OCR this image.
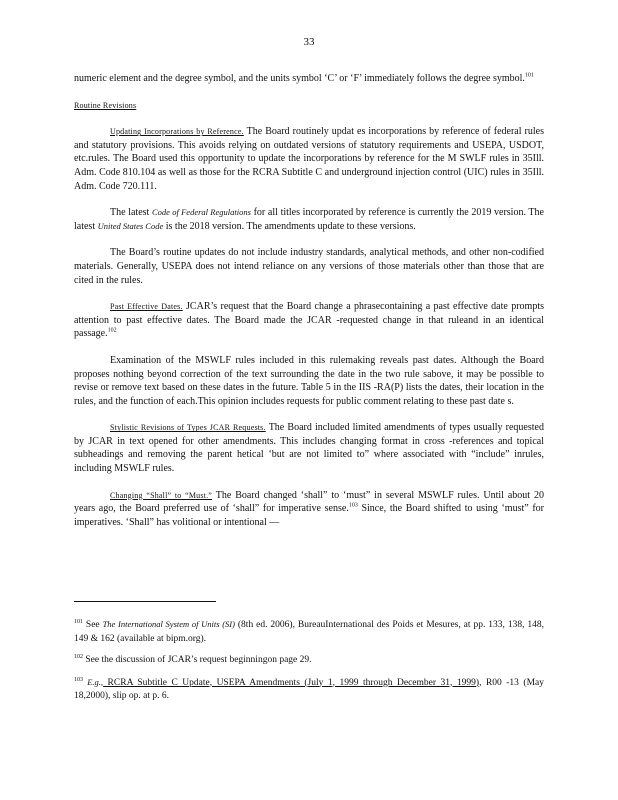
33

numeric element and the degree symbol, and the units symbol ‘C’ or ‘F’ immediately follows the degree symbol.$^{101}$

Routine Revisions

Updating Incorporations by Reference. The Board routinely updat es incorporations by reference of federal rules and statutory provisions. This avoids relying on outdated versions of statutory requirements and USEPA, USDOT, etc.rules. The Board used this opportunity to update the incorporations by reference for the M SWLF rules in 35Ill. Adm. Code 810.104 as well as those for the RCRA Subtitle C and underground injection control (UIC) rules in 35Ill. Adm. Code 720.111.

The latest Code of Federal Regulations for all titles incorporated by reference is currently the 2019 version. The latest United States Code is the 2018 version. The amendments update to these versions.

The Board’s routine updates do not include industry standards, analytical methods, and other non-codified materials. Generally, USEPA does not intend reliance on any versions of those materials other than those that are cited in the rules.

Past Effective Dates. JCAR’s request that the Board change a phrasecontaining a past effective date prompts attention to past effective dates. The Board made the JCAR -requested change in that ruleand in an identical passage.$^{102}$

Examination of the MSWLF rules included in this rulemaking reveals past dates. Although the Board proposes nothing beyond correction of the text surrounding the date in the two rule sabove, it may be possible to revise or remove text based on these dates in the future. Table 5 in the IIS -RA(P) lists the dates, their location in the rules, and the function of each.This opinion includes requests for public comment relating to these past date s.

Stylistic Revisions of Types JCAR Requests. The Board included limited amendments of types usually requested by JCAR in text opened for other amendments. This includes changing format in cross -references and topical subheadings and removing the parent hetical ‘but are not limited to” where associated with “include” inrules, including MSWLF rules.

Changing “Shall” to “Must.” The Board changed ‘shall” to ‘must” in several MSWLF rules. Until about 20 years ago, the Board preferred use of ‘shall” for imperative sense.$^{103}$ Since, the Board shifted to using ‘must” for imperatives. ‘Shall” has volitional or intentional —

$^{101}$ See The International System of Units (SI) (8th ed. 2006), BureauInternational des Poids et Mesures, at pp. 133, 138, 148, 149 & 162 (available at bipm.org).

$^{102}$ See the discussion of JCAR’s request beginningon page 29.

$^{103}$ E.g., RCRA Subtitle C Update, USEPA Amendments (July 1, 1999 through December 31, 1999), R00 -13 (May 18,2000), slip op. at p. 6.
